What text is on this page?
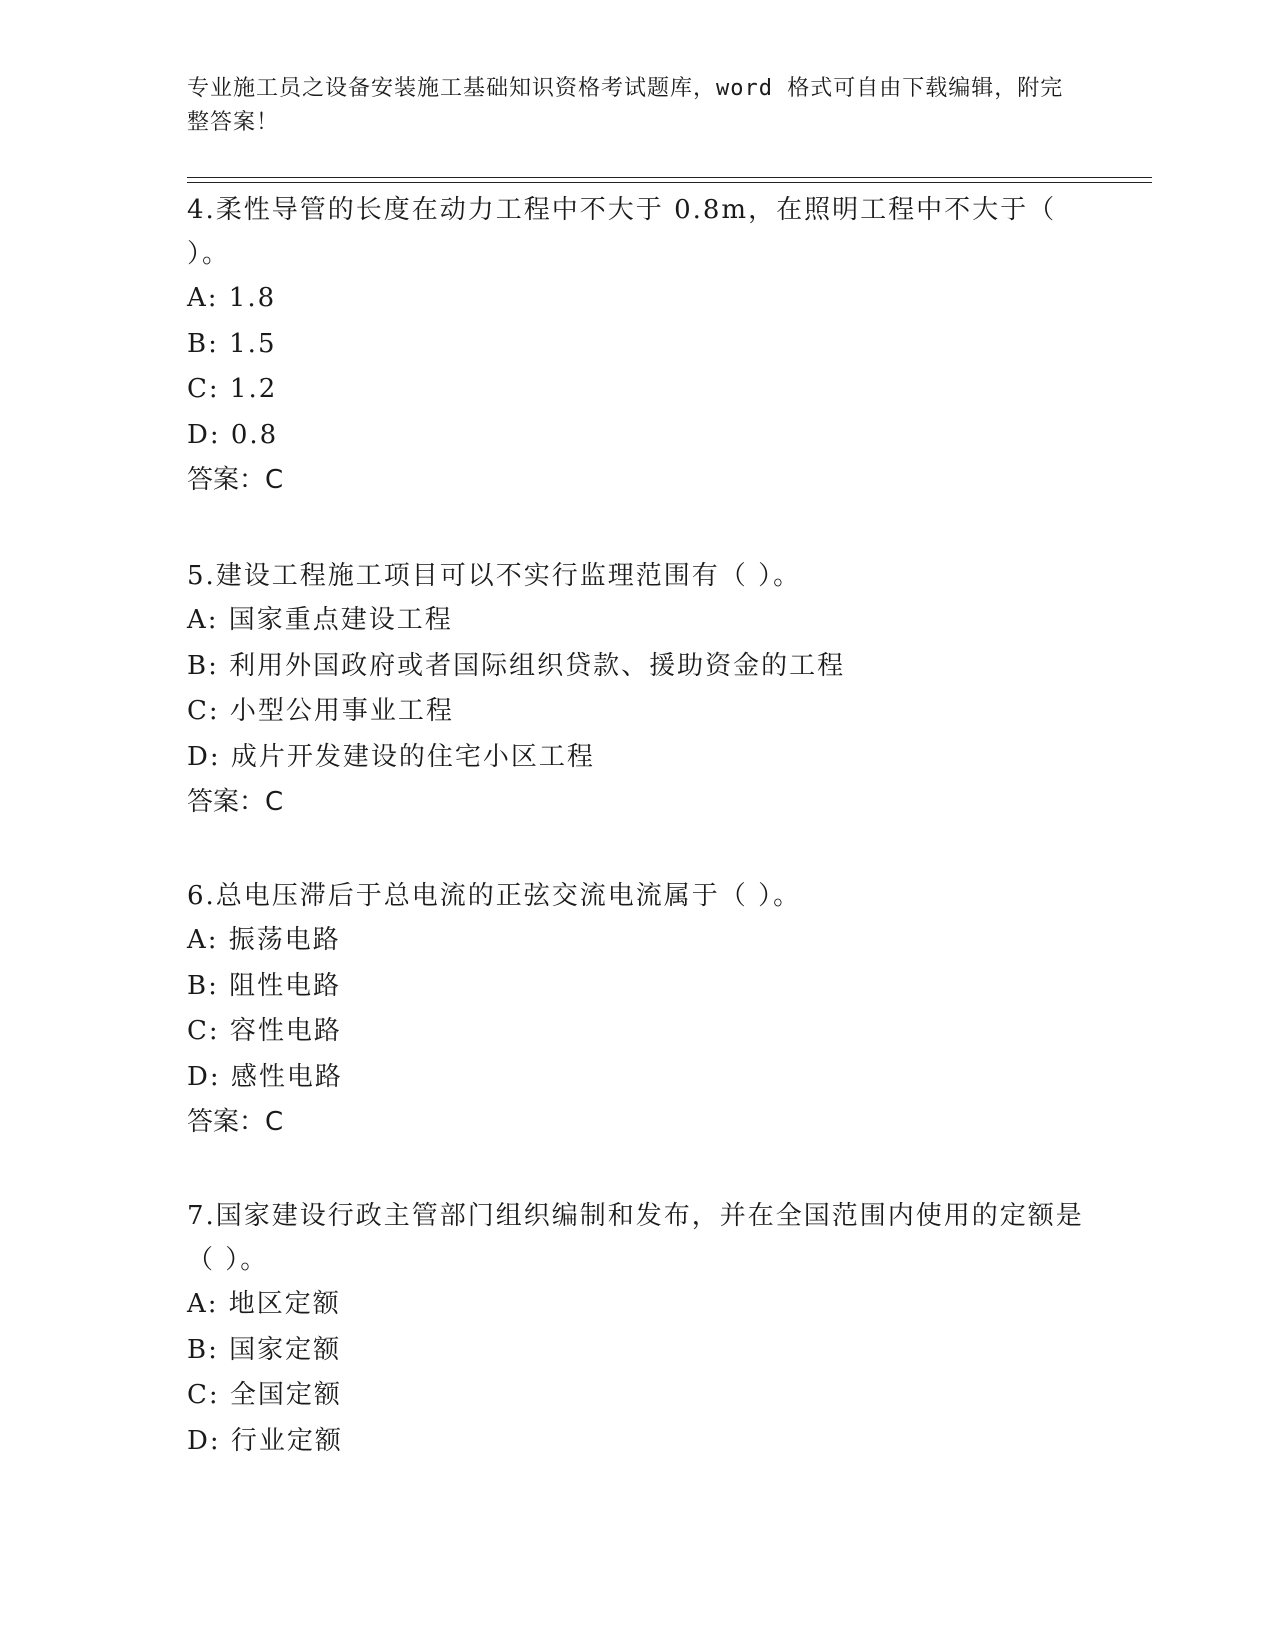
专业施工员之设备安装施工基础知识资格考试题库，word 格式可自由下载编辑，附完整答案！

4.柔性导管的长度在动力工程中不大于 0.8m，在照明工程中不大于（ ）。

A: 1.8

B: 1.5

C: 1.2

D: 0.8

答案：C

5.建设工程施工项目可以不实行监理范围有（ ）。

A: 国家重点建设工程

B: 利用外国政府或者国际组织贷款、援助资金的工程

C: 小型公用事业工程

D: 成片开发建设的住宅小区工程

答案：C

6.总电压滞后于总电流的正弦交流电流属于（ ）。

A: 振荡电路

B: 阻性电路

C: 容性电路

D: 感性电路

答案：C

7.国家建设行政主管部门组织编制和发布，并在全国范围内使用的定额是（ ）。

A: 地区定额

B: 国家定额

C: 全国定额

D: 行业定额
